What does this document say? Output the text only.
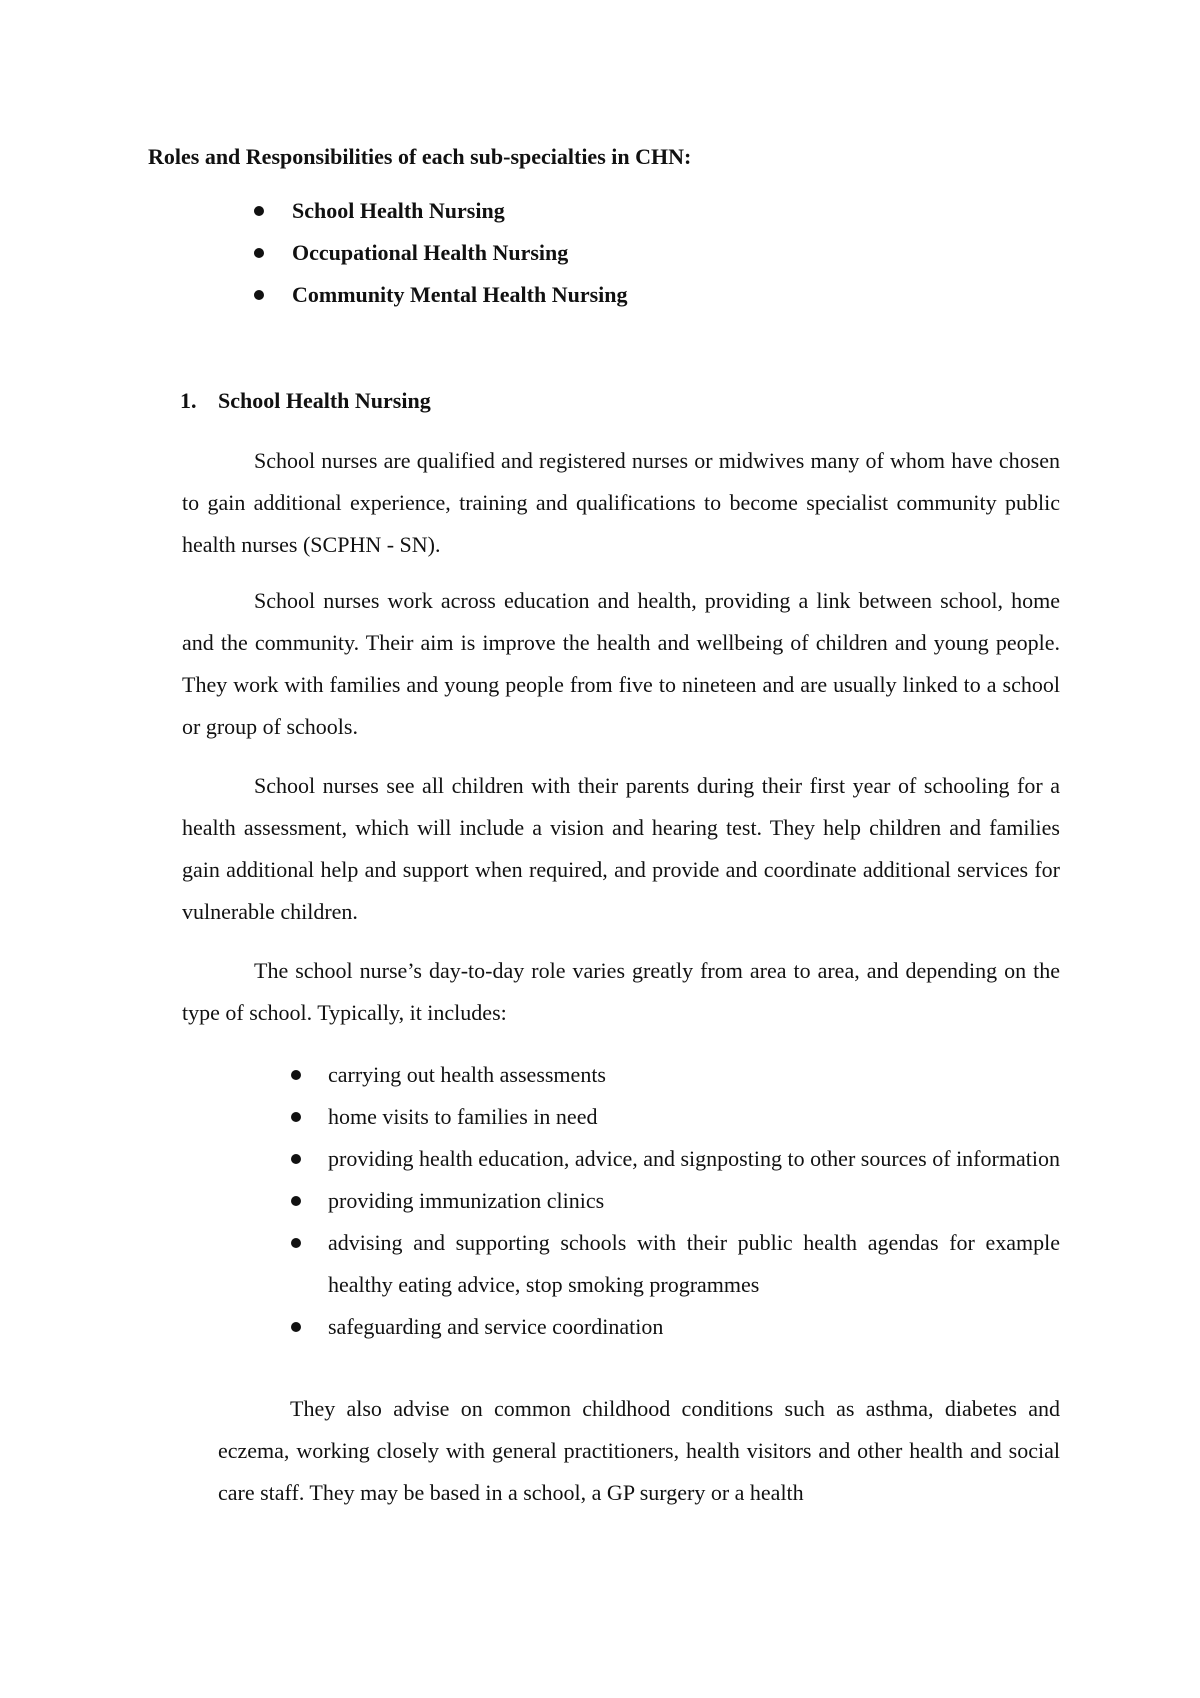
Roles and Responsibilities of each sub-specialties in CHN:
School Health Nursing
Occupational Health Nursing
Community Mental Health Nursing
1. School Health Nursing

School nurses are qualified and registered nurses or midwives many of whom have chosen to gain additional experience, training and qualifications to become specialist community public health nurses (SCPHN - SN).

School nurses work across education and health, providing a link between school, home and the community. Their aim is improve the health and wellbeing of children and young people. They work with families and young people from five to nineteen and are usually linked to a school or group of schools.

School nurses see all children with their parents during their first year of schooling for a health assessment, which will include a vision and hearing test. They help children and families gain additional help and support when required, and provide and coordinate additional services for vulnerable children.

The school nurse’s day-to-day role varies greatly from area to area, and depending on the type of school. Typically, it includes:

carrying out health assessments
home visits to families in need
providing health education, advice, and signposting to other sources of information
providing immunization clinics
advising and supporting schools with their public health agendas for example healthy eating advice, stop smoking programmes
safeguarding and service coordination

They also advise on common childhood conditions such as asthma, diabetes and eczema, working closely with general practitioners, health visitors and other health and social care staff. They may be based in a school, a GP surgery or a health
